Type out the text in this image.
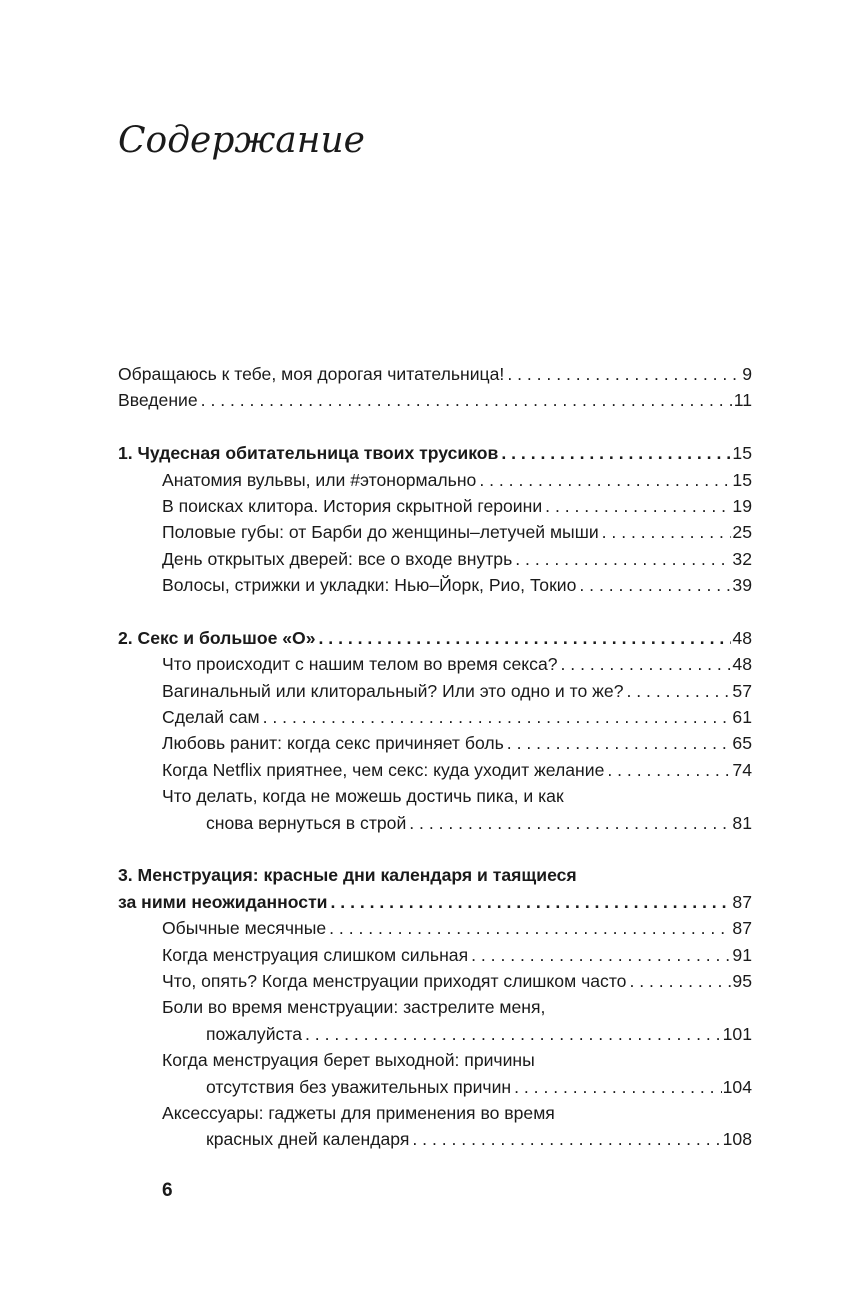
Содержание
Обращаюсь к тебе, моя дорогая читательница! . . .	9
Введение . . .	11
1. Чудесная обитательница твоих трусиков . . .	15
Анатомия вульвы, или #этонормально . . .	15
В поисках клитора. История скрытной героини . . .	19
Половые губы: от Барби до женщины–летучей мыши . . .	25
День открытых дверей: все о входе внутрь . . .	32
Волосы, стрижки и укладки: Нью–Йорк, Рио, Токио . . .	39
2. Секс и большое «О» . . .	48
Что происходит с нашим телом во время секса? . . .	48
Вагинальный или клиторальный? Или это одно и то же? . . .	57
Сделай сам . . .	61
Любовь ранит: когда секс причиняет боль . . .	65
Когда Netflix приятнее, чем секс: куда уходит желание . . .	74
Что делать, когда не можешь достичь пика, и как
снова вернуться в строй . . .	81
3. Менструация: красные дни календаря и таящиеся
за ними неожиданности . . .	87
Обычные месячные . . .	87
Когда менструация слишком сильная . . .	91
Что, опять? Когда менструации приходят слишком часто . . .	95
Боли во время менструации: застрелите меня,
пожалуйста . . .	101
Когда менструация берет выходной: причины
отсутствия без уважительных причин . . .	104
Аксессуары: гаджеты для применения во время
красных дней календаря . . .	108
6
